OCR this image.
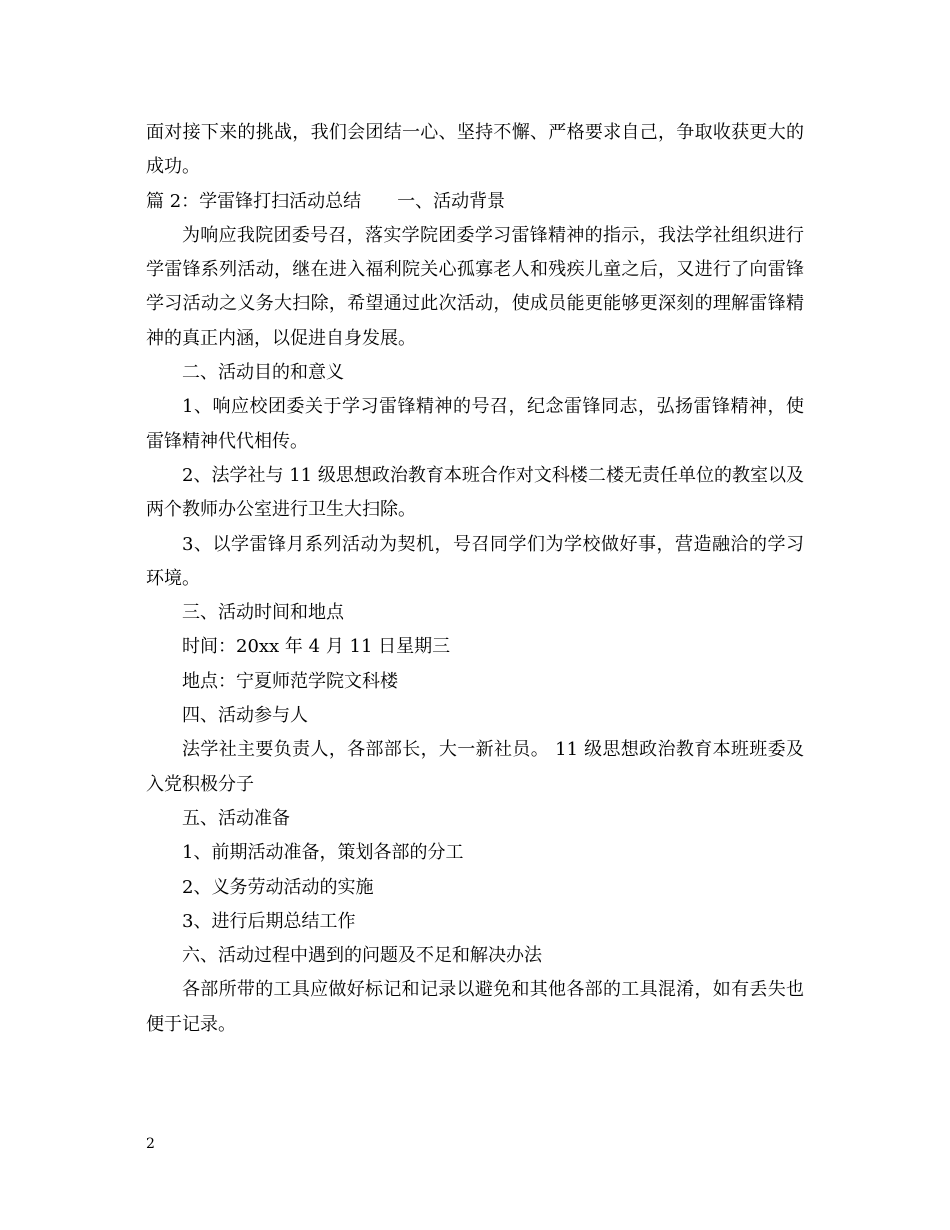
面对接下来的挑战，我们会团结一心、坚持不懈、严格要求自己，争取收获更大的成功。

篇 2：学雷锋打扫活动总结　　一、活动背景

为响应我院团委号召，落实学院团委学习雷锋精神的指示，我法学社组织进行学雷锋系列活动，继在进入福利院关心孤寡老人和残疾儿童之后，又进行了向雷锋学习活动之义务大扫除，希望通过此次活动，使成员能更能够更深刻的理解雷锋精神的真正内涵，以促进自身发展。

二、活动目的和意义

1、响应校团委关于学习雷锋精神的号召，纪念雷锋同志，弘扬雷锋精神，使雷锋精神代代相传。

2、法学社与 11 级思想政治教育本班合作对文科楼二楼无责任单位的教室以及两个教师办公室进行卫生大扫除。

3、以学雷锋月系列活动为契机，号召同学们为学校做好事，营造融洽的学习环境。

三、活动时间和地点

时间：20xx 年 4 月 11 日星期三

地点：宁夏师范学院文科楼

四、活动参与人

法学社主要负责人，各部部长，大一新社员。 11 级思想政治教育本班班委及入党积极分子

五、活动准备

1、前期活动准备，策划各部的分工

2、义务劳动活动的实施

3、进行后期总结工作

六、活动过程中遇到的问题及不足和解决办法

各部所带的工具应做好标记和记录以避免和其他各部的工具混淆，如有丢失也便于记录。

2
